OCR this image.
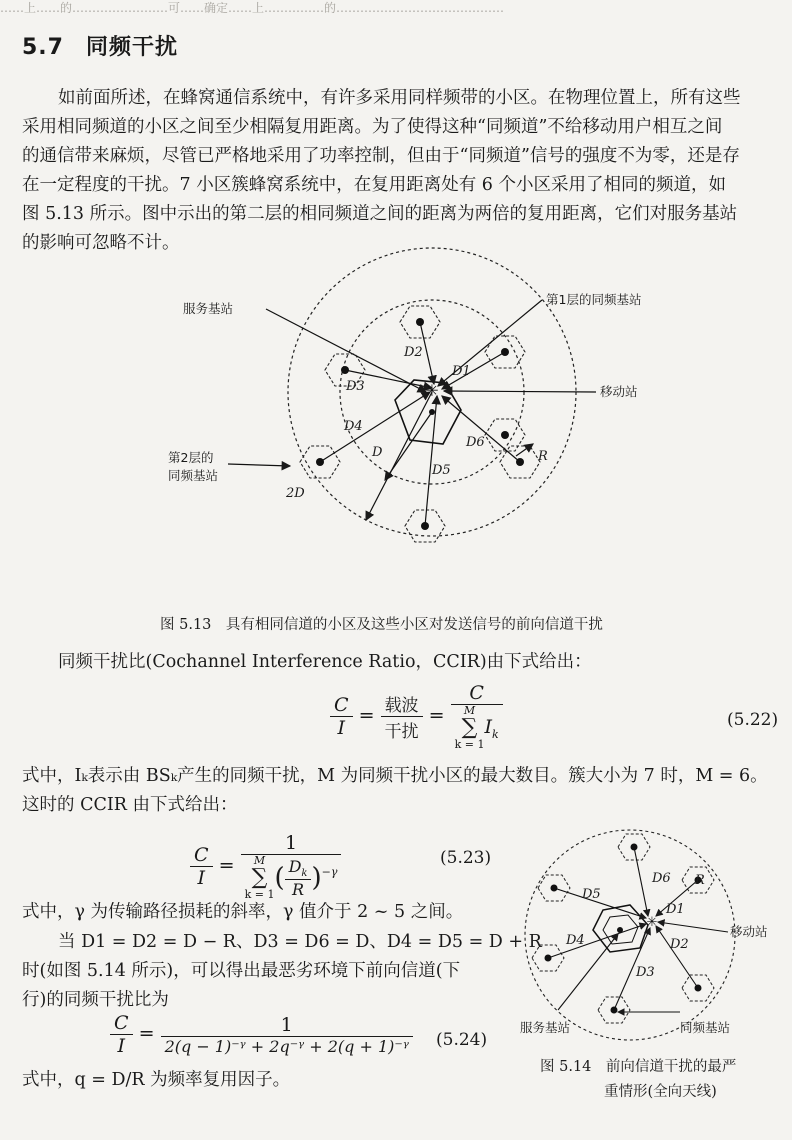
……上……的……………………可……确定……上……………的……………………………………
5.7 同频干扰
如前面所述，在蜂窝通信系统中，有许多采用同样频带的小区。在物理位置上，所有这些
采用相同频道的小区之间至少相隔复用距离。为了使得这种“同频道”不给移动用户相互之间
的通信带来麻烦，尽管已严格地采用了功率控制，但由于“同频道”信号的强度不为零，还是存
在一定程度的干扰。7 小区簇蜂窝系统中，在复用距离处有 6 个小区采用了相同的频道，如
图 5.13 所示。图中示出的第二层的相同频道之间的距离为两倍的复用距离，它们对服务基站
的影响可忽略不计。
✳
第1层的同频基站
服务基站
移动站
第2层的
同频基站
D1
D2
D3
D4
D5
D6
D
2D
R
图 5.13　具有相同信道的小区及这些小区对发送信号的前向信道干扰
同频干扰比(Cochannel Interference Ratio，CCIR)由下式给出：
$\frac{C}{I} = \frac{\text{载波}}{\text{干扰}}$ =
C
M
∑
$k = 1I_k$
(5.22)
式中，Iₖ表示由 BSₖ产生的同频干扰，M 为同频干扰小区的最大数目。簇大小为 7 时，M = 6。
这时的 CCIR 由下式给出：
$\frac{C}{I}$ =
1
M
∑
$k = 1( \frac{D_k}{R} )^{-\gamma}$
(5.23)
式中，γ 为传输路径损耗的斜率，γ 值介于 2 ~ 5 之间。
当 D1 = D2 = D − R、D3 = D6 = D、D4 = D5 = D + R
时(如图 5.14 所示)，可以得出最恶劣环境下前向信道(下
行)的同频干扰比为
$\frac{C}{I} = \frac{1}{\text{2(q − 1)⁻ᵞ + 2q⁻ᵞ + 2(q + 1)⁻ᵞ}} (5.24)$
式中，q = D/R 为频率复用因子。
✳
移动站
服务基站	同频基站
D1
D2
D3
D4
D5
D6 R
图 5.14　前向信道干扰的最严
重情形(全向天线)
